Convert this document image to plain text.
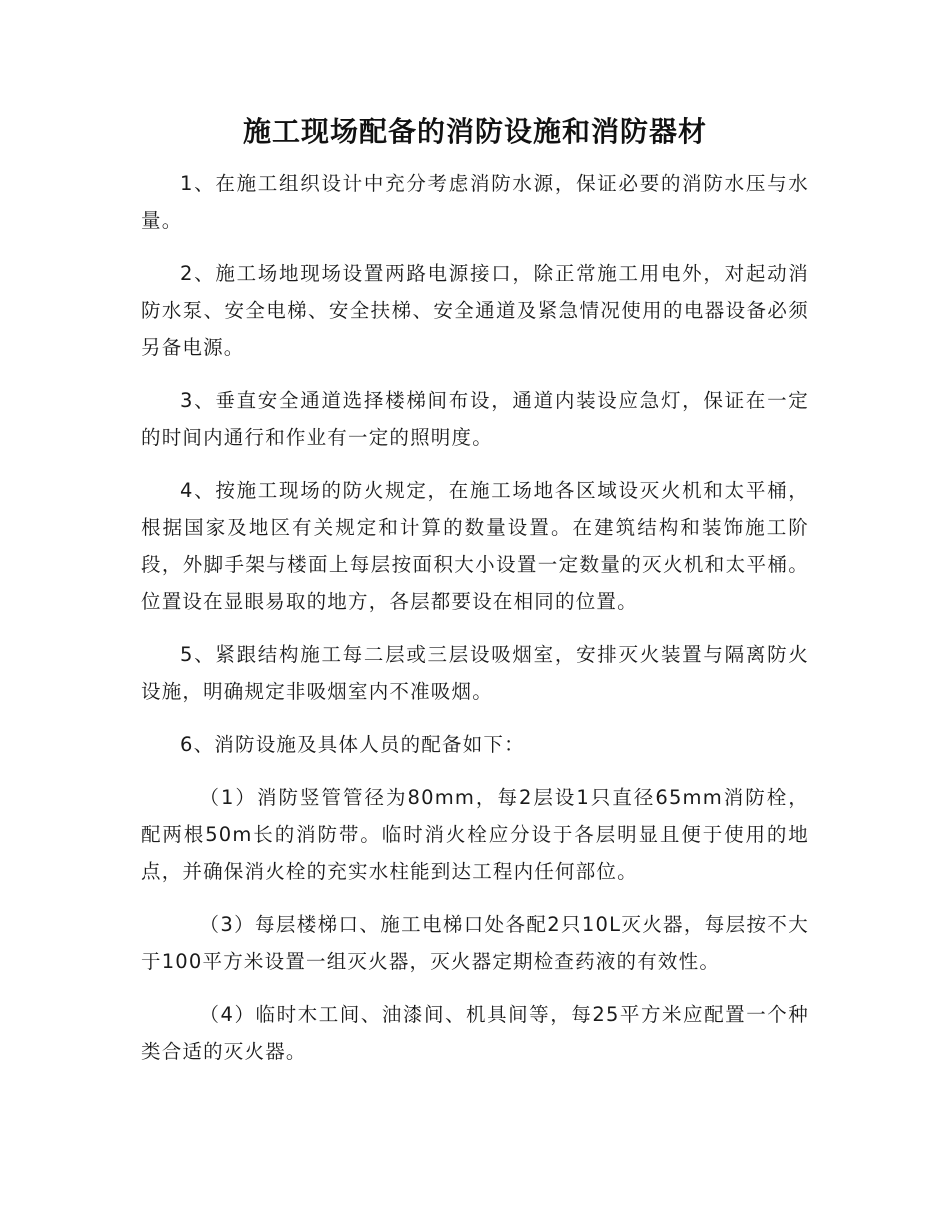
施工现场配备的消防设施和消防器材

1、在施工组织设计中充分考虑消防水源，保证必要的消防水压与水量。

2、施工场地现场设置两路电源接口，除正常施工用电外，对起动消防水泵、安全电梯、安全扶梯、安全通道及紧急情况使用的电器设备必须另备电源。

3、垂直安全通道选择楼梯间布设，通道内装设应急灯，保证在一定的时间内通行和作业有一定的照明度。

4、按施工现场的防火规定，在施工场地各区域设灭火机和太平桶，根据国家及地区有关规定和计算的数量设置。在建筑结构和装饰施工阶段，外脚手架与楼面上每层按面积大小设置一定数量的灭火机和太平桶。位置设在显眼易取的地方，各层都要设在相同的位置。

5、紧跟结构施工每二层或三层设吸烟室，安排灭火装置与隔离防火设施，明确规定非吸烟室内不准吸烟。

6、消防设施及具体人员的配备如下：

（1）消防竖管管径为80mm，每2层设1只直径65mm消防栓，配两根50m长的消防带。临时消火栓应分设于各层明显且便于使用的地点，并确保消火栓的充实水柱能到达工程内任何部位。

（3）每层楼梯口、施工电梯口处各配2只10L灭火器，每层按不大于100平方米设置一组灭火器，灭火器定期检查药液的有效性。

（4）临时木工间、油漆间、机具间等，每25平方米应配置一个种类合适的灭火器。
